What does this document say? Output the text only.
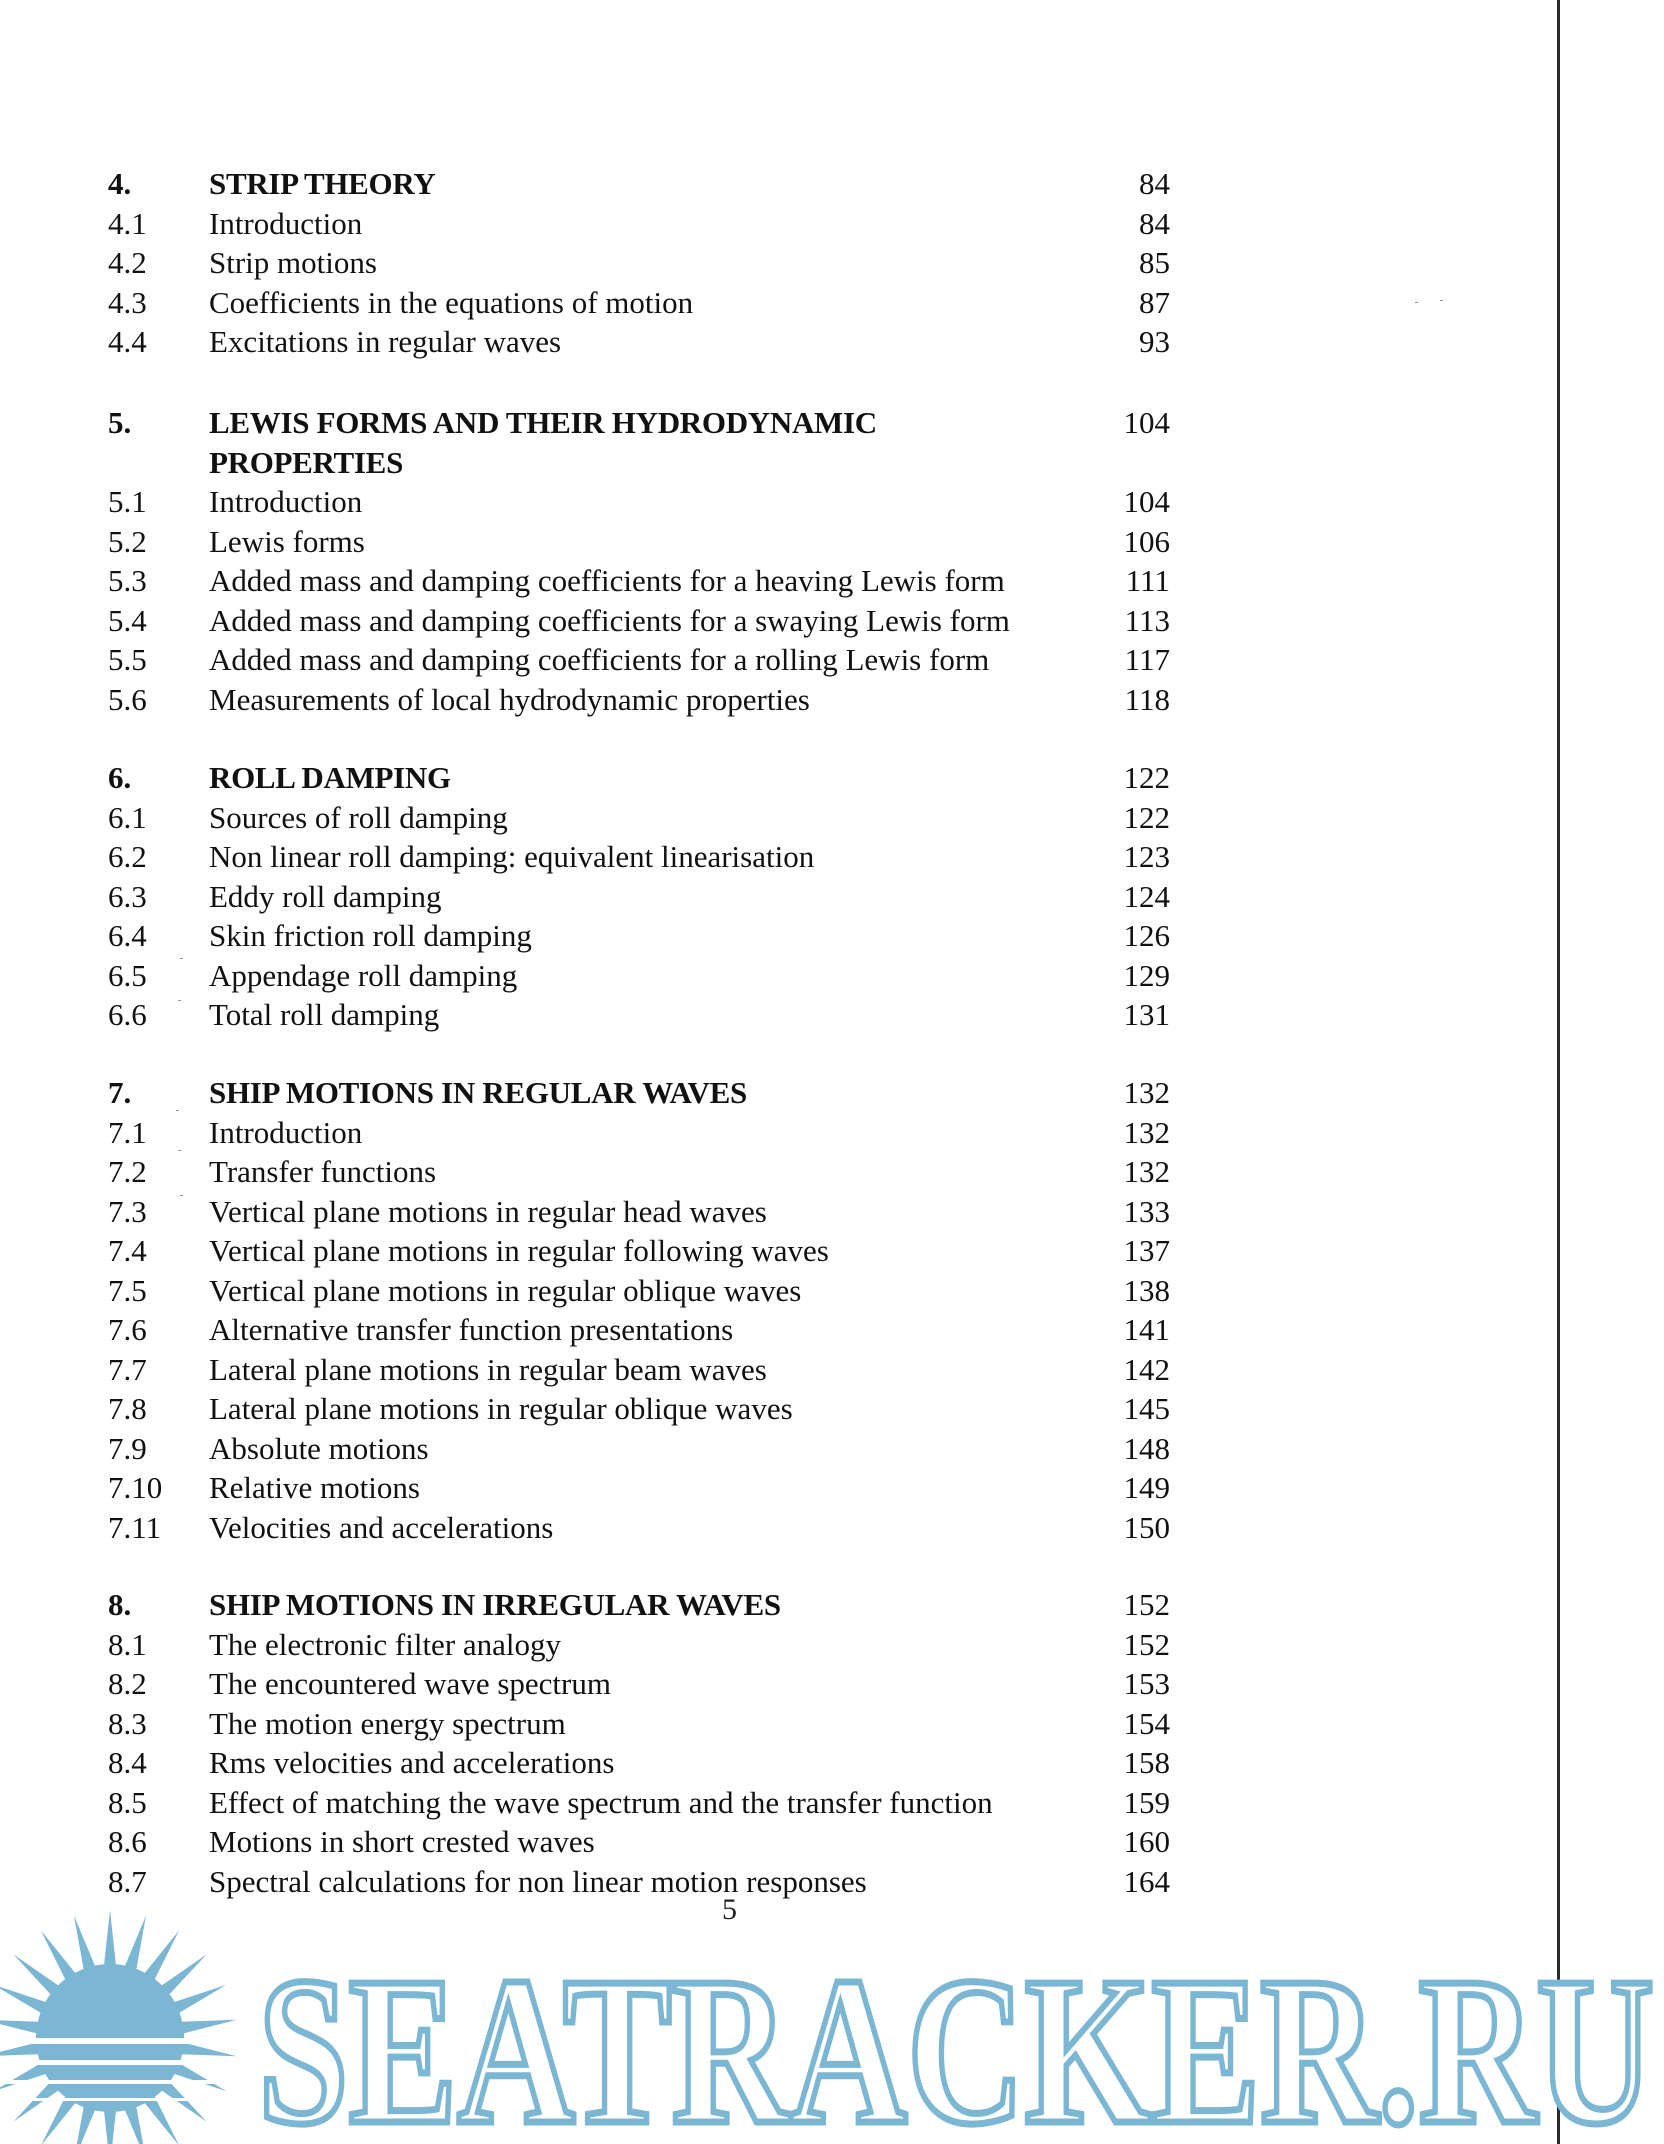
4.	STRIP THEORY	84
4.1 Introduction	84
4.2 Strip motions	85
4.3 Coefficients in the equations of motion	87
4.4 Excitations in regular waves	93
5.	LEWIS FORMS AND THEIR HYDRODYNAMIC	104
PROPERTIES
5.1 Introduction	104
5.2 Lewis forms	106
5.3 Added mass and damping coefficients for a heaving Lewis form	111
5.4 Added mass and damping coefficients for a swaying Lewis form	113
5.5 Added mass and damping coefficients for a rolling Lewis form	117
5.6 Measurements of local hydrodynamic properties	118
6.	ROLL DAMPING	122
6.1 Sources of roll damping	122
6.2 Non linear roll damping: equivalent linearisation	123
6.3 Eddy roll damping	124
6.4 Skin friction roll damping	126
6.5 Appendage roll damping	129
6.6 Total roll damping	131
7.	SHIP MOTIONS IN REGULAR WAVES	132
7.1 Introduction	132
7.2 Transfer functions	132
7.3 Vertical plane motions in regular head waves	133
7.4 Vertical plane motions in regular following waves	137
7.5 Vertical plane motions in regular oblique waves	138
7.6 Alternative transfer function presentations	141
7.7 Lateral plane motions in regular beam waves	142
7.8 Lateral plane motions in regular oblique waves	145
7.9 Absolute motions	148
7.10 Relative motions	149
7.11 Velocities and accelerations	150
8.	SHIP MOTIONS IN IRREGULAR WAVES	152
8.1 The electronic filter analogy	152
8.2 The encountered wave spectrum	153
8.3 The motion energy spectrum	154
8.4 Rms velocities and accelerations	158
8.5 Effect of matching the wave spectrum and the transfer function	159
8.6 Motions in short crested waves	160
8.7 Spectral calculations for non linear motion responses	164
5
SEATRACKER.RU
